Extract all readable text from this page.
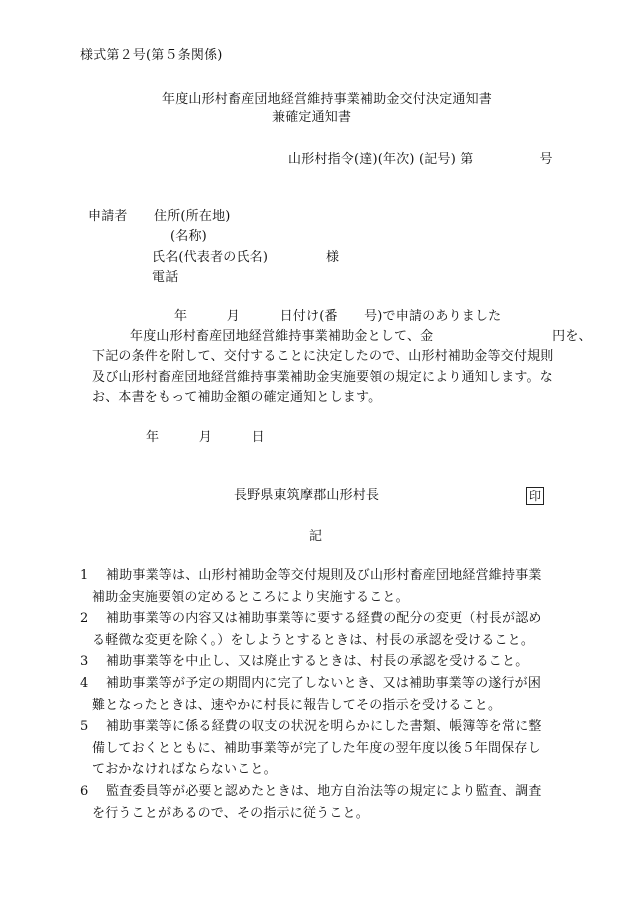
様式第２号(第５条関係)
年度山形村畜産団地経営維持事業補助金交付決定通知書
兼確定通知書
山形村指令(達)(年次) (記号) 第　　　　　号
申請者 住所(所在地)
(名称)
氏名(代表者の氏名)	様
電話
年　　　月　　　日付け(番　　号)で申請のありました
年度山形村畜産団地経営維持事業補助金として、金　　　　　　　　　円を、
下記の条件を附して、交付することに決定したので、山形村補助金等交付規則
及び山形村畜産団地経営維持事業補助金実施要領の規定により通知します。な
お、本書をもって補助金額の確定通知とします。
年　　　月　　　日
長野県東筑摩郡山形村長	印
記
1 補助事業等は、山形村補助金等交付規則及び山形村畜産団地経営維持事業
補助金実施要領の定めるところにより実施すること。
2 補助事業等の内容又は補助事業等に要する経費の配分の変更（村長が認め
る軽微な変更を除く。）をしようとするときは、村長の承認を受けること。
3 補助事業等を中止し、又は廃止するときは、村長の承認を受けること。
4 補助事業等が予定の期間内に完了しないとき、又は補助事業等の遂行が困
難となったときは、速やかに村長に報告してその指示を受けること。
5 補助事業等に係る経費の収支の状況を明らかにした書類、帳簿等を常に整
備しておくとともに、補助事業等が完了した年度の翌年度以後５年間保存し
ておかなければならないこと。
6 監査委員等が必要と認めたときは、地方自治法等の規定により監査、調査
を行うことがあるので、その指示に従うこと。
